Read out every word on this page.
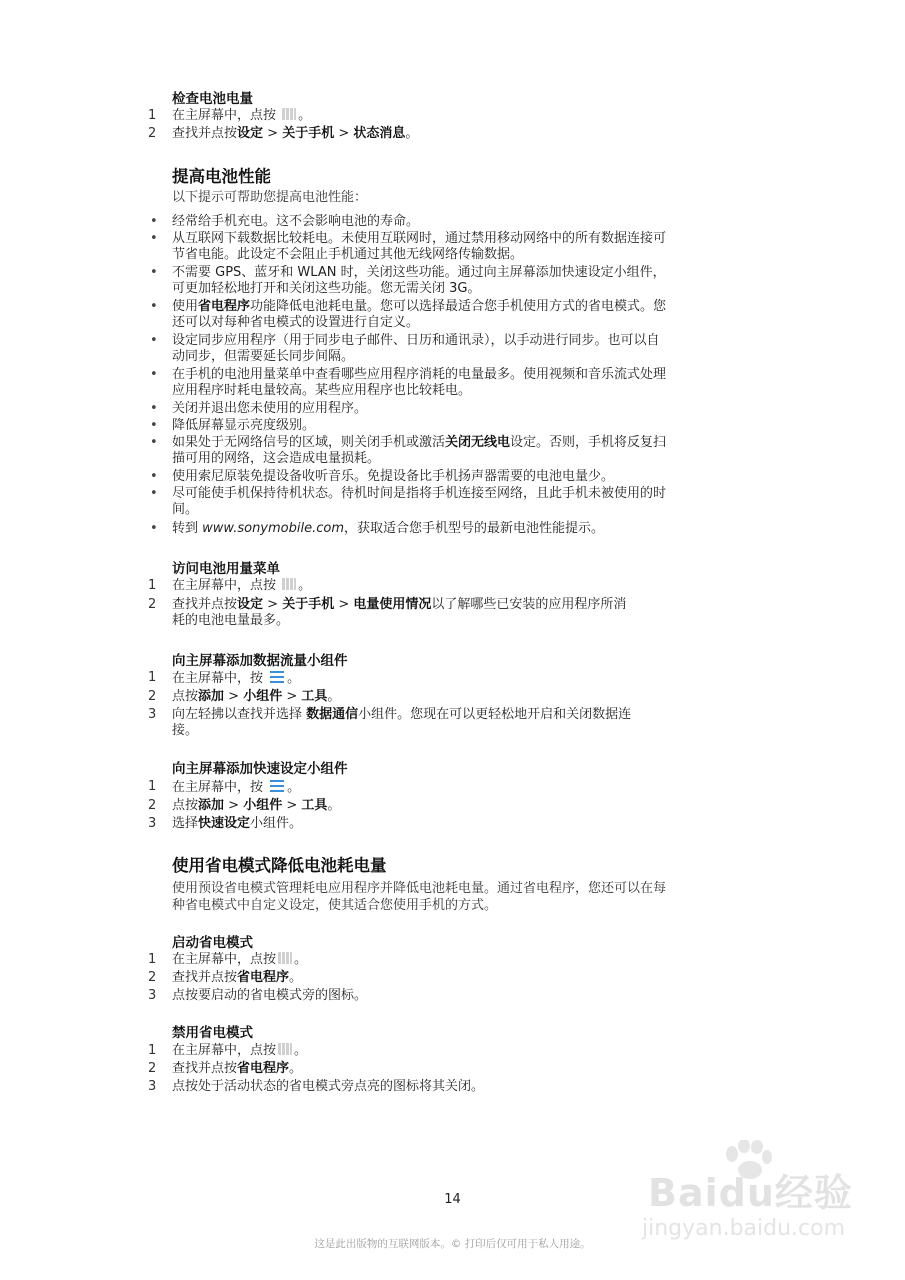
检查电池电量
1	在主屏幕中，点按 。
2	查找并点按设定 > 关于手机 > 状态消息。
提高电池性能
以下提示可帮助您提高电池性能：
• 经常给手机充电。这不会影响电池的寿命。
• 从互联网下载数据比较耗电。未使用互联网时，通过禁用移动网络中的所有数据连接可
节省电能。此设定不会阻止手机通过其他无线网络传输数据。
• 不需要 GPS、蓝牙和 WLAN 时，关闭这些功能。通过向主屏幕添加快速设定小组件，
可更加轻松地打开和关闭这些功能。您无需关闭 3G。
• 使用省电程序功能降低电池耗电量。您可以选择最适合您手机使用方式的省电模式。您
还可以对每种省电模式的设置进行自定义。
• 设定同步应用程序（用于同步电子邮件、日历和通讯录），以手动进行同步。也可以自
动同步，但需要延长同步间隔。
• 在手机的电池用量菜单中查看哪些应用程序消耗的电量最多。使用视频和音乐流式处理
应用程序时耗电量较高。某些应用程序也比较耗电。
• 关闭并退出您未使用的应用程序。
• 降低屏幕显示亮度级别。
• 如果处于无网络信号的区域，则关闭手机或激活关闭无线电设定。否则，手机将反复扫
描可用的网络，这会造成电量损耗。
• 使用索尼原装免提设备收听音乐。免提设备比手机扬声器需要的电池电量少。
• 尽可能使手机保持待机状态。待机时间是指将手机连接至网络，且此手机未被使用的时
间。
• 转到 www.sonymobile.com，获取适合您手机型号的最新电池性能提示。
访问电池用量菜单
1	在主屏幕中，点按 。
2	查找并点按设定 > 关于手机 > 电量使用情况以了解哪些已安装的应用程序所消
耗的电池电量最多。
向主屏幕添加数据流量小组件
1	在主屏幕中，按 。
2	点按添加 > 小组件 > 工具。
3	向左轻拂以查找并选择 数据通信小组件。您现在可以更轻松地开启和关闭数据连
接。
向主屏幕添加快速设定小组件
1	在主屏幕中，按 。
2	点按添加 > 小组件 > 工具。
3	选择快速设定小组件。
使用省电模式降低电池耗电量
使用预设省电模式管理耗电应用程序并降低电池耗电量。通过省电程序，您还可以在每
种省电模式中自定义设定，使其适合您使用手机的方式。
启动省电模式
1	在主屏幕中，点按 。
2	查找并点按省电程序。
3	点按要启动的省电模式旁的图标。
禁用省电模式
1	在主屏幕中，点按 。
2	查找并点按省电程序。
3	点按处于活动状态的省电模式旁点亮的图标将其关闭。
Baidu经验
jingyan.baidu.com
14
这是此出版物的互联网版本。© 打印后仅可用于私人用途。
